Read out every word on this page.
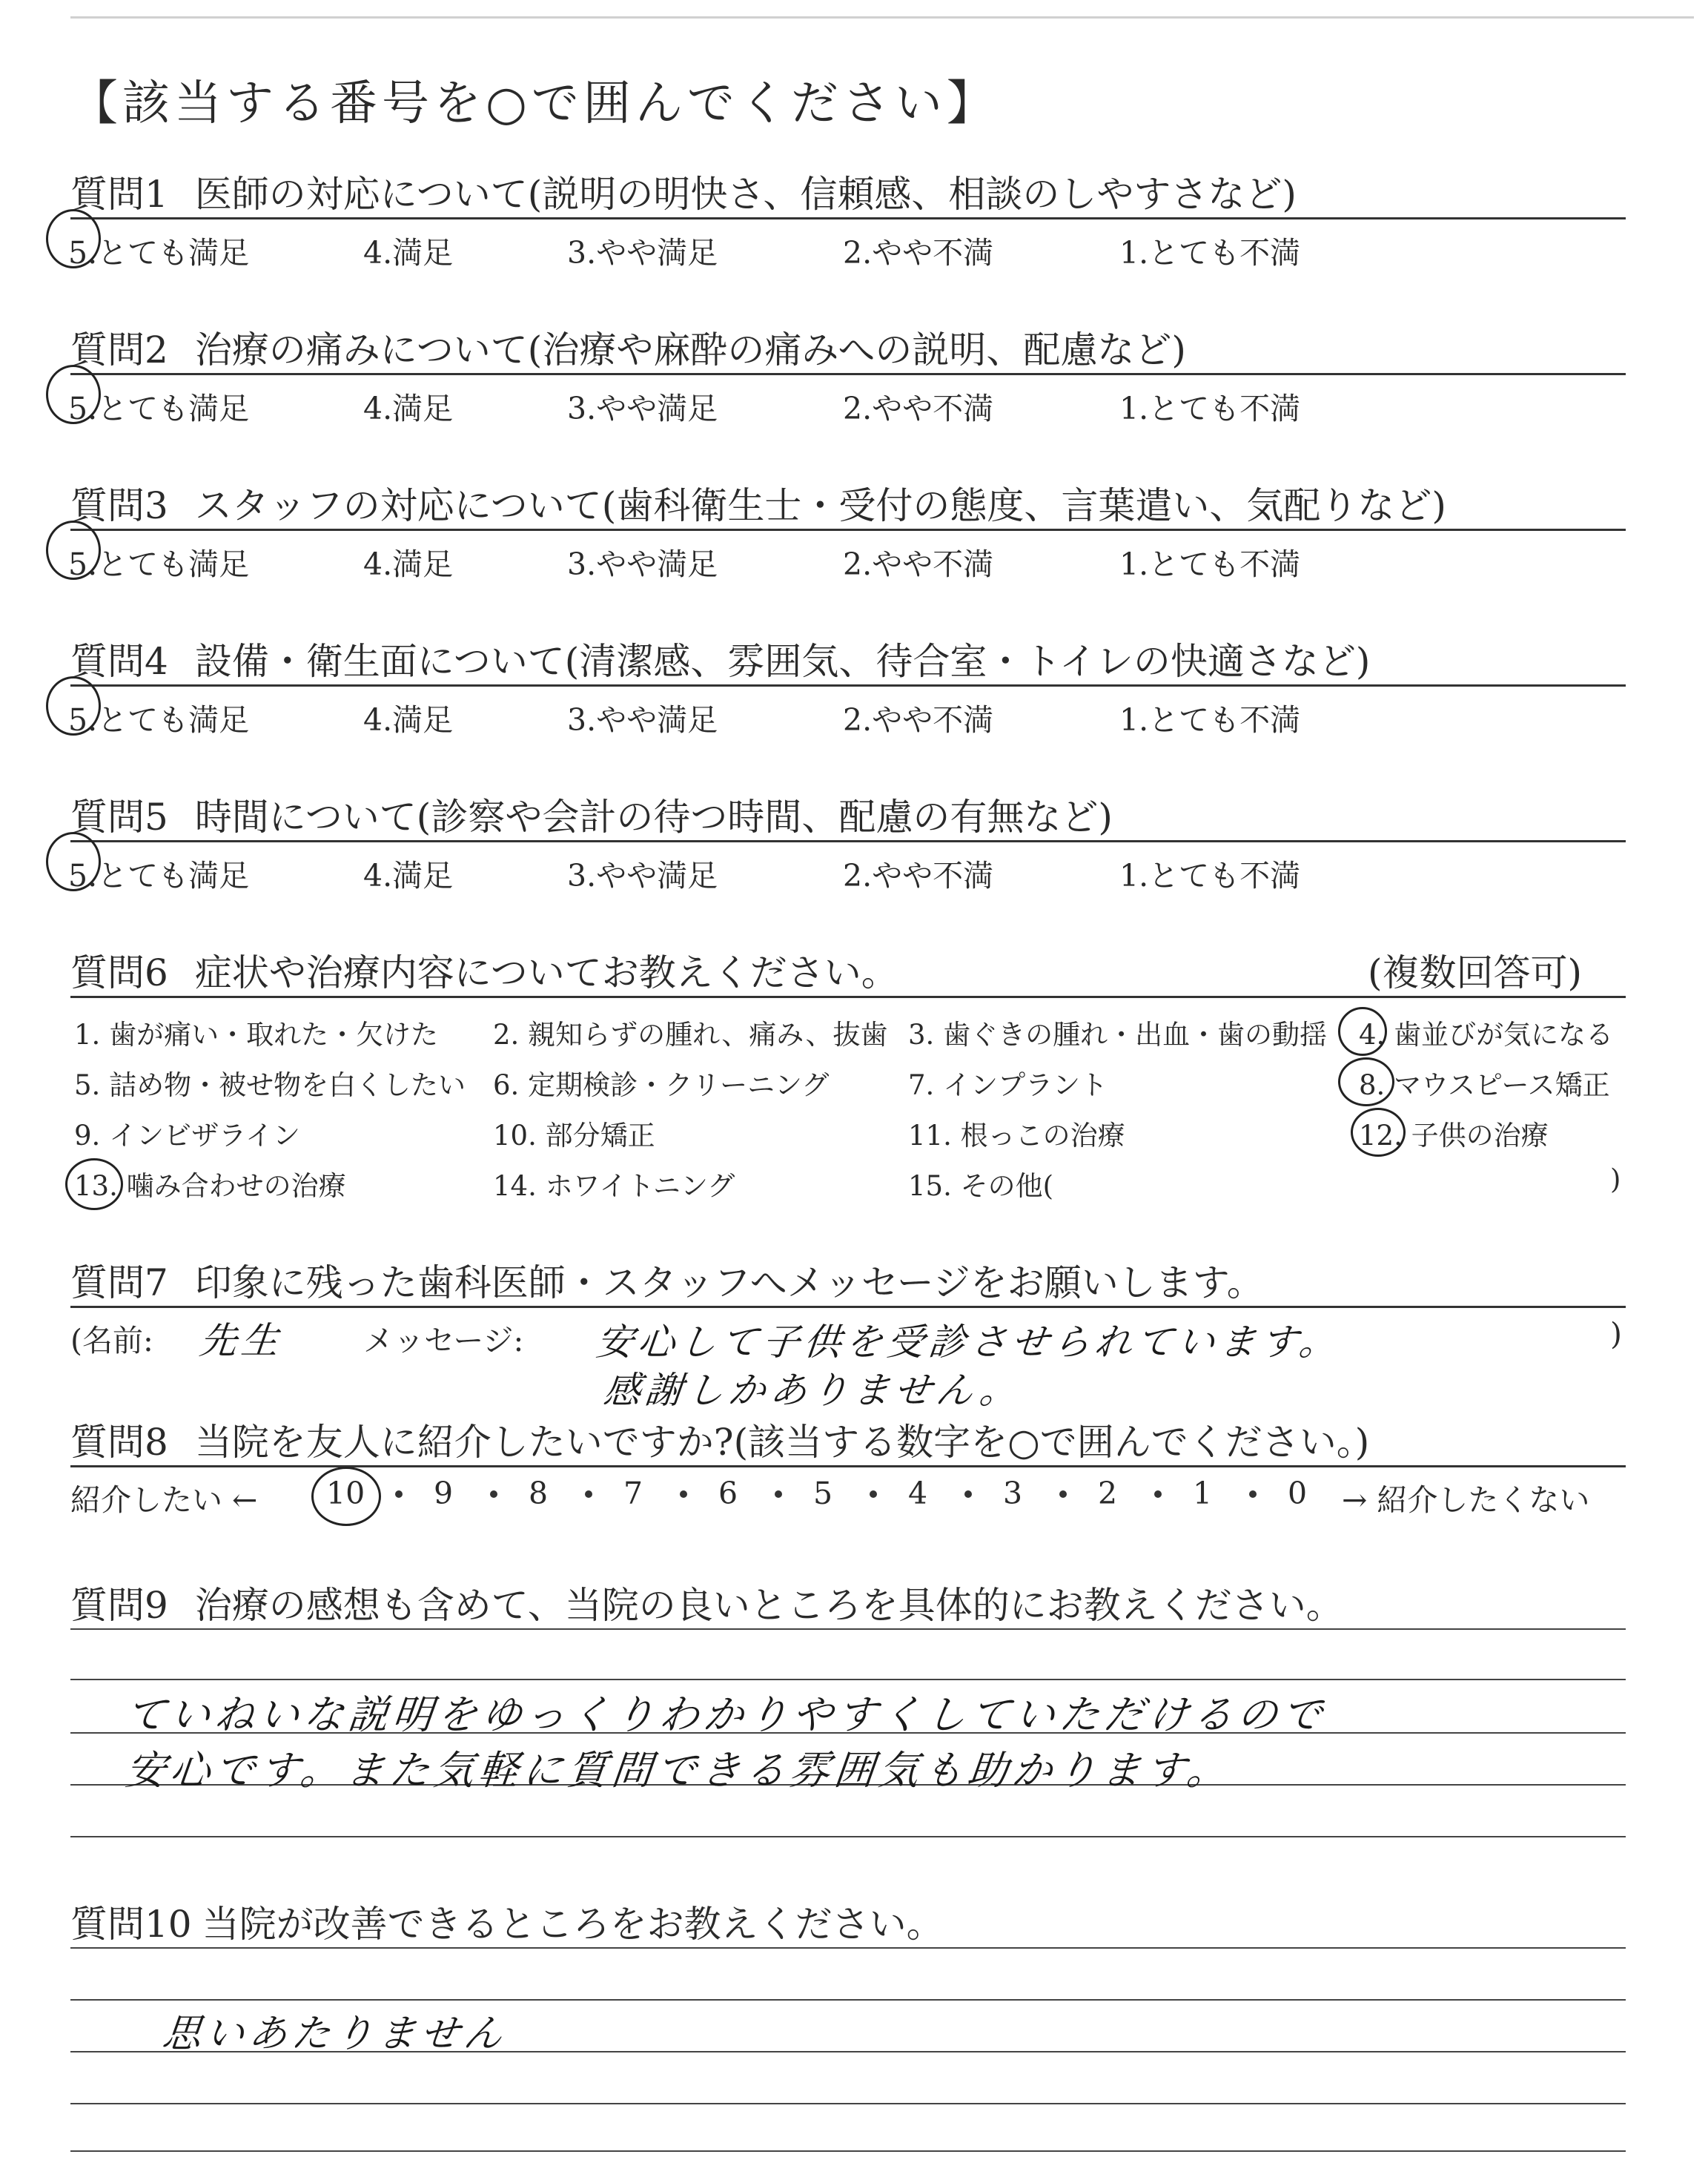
【該当する番号を○で囲んでください】
質問1 医師の対応について(説明の明快さ、信頼感、相談のしやすさなど)
5.とても満足	4.満足	3.やや満足	2.やや不満	1.とても不満
質問2 治療の痛みについて(治療や麻酔の痛みへの説明、配慮など)
5.とても満足	4.満足	3.やや満足	2.やや不満	1.とても不満
質問3 スタッフの対応について(歯科衛生士・受付の態度、言葉遣い、気配りなど)
5.とても満足	4.満足	3.やや満足	2.やや不満	1.とても不満
質問4 設備・衛生面について(清潔感、雰囲気、待合室・トイレの快適さなど)
5.とても満足	4.満足	3.やや満足	2.やや不満	1.とても不満
質問5 時間について(診察や会計の待つ時間、配慮の有無など)
5.とても満足	4.満足	3.やや満足	2.やや不満	1.とても不満
質問6 症状や治療内容についてお教えください。	(複数回答可)
1. 歯が痛い・取れた・欠けた 2. 親知らずの腫れ、痛み、抜歯 3. 歯ぐきの腫れ・出血・歯の動揺 4. 歯並びが気になる
5. 詰め物・被せ物を白くしたい 6. 定期検診・クリーニング	7. インプラント	8. マウスピース矯正
9. インビザライン	10. 部分矯正	11. 根っこの治療	12. 子供の治療
13. 噛み合わせの治療	14. ホワイトニング	15. その他(	)
質問7 印象に残った歯科医師・スタッフへメッセージをお願いします。
(名前: 先生	メッセージ: 安心して子供を受診させられています。
感謝しかありません。
)
質問8 当院を友人に紹介したいですか?(該当する数字を○で囲んでください。)
紹介したい ←	→ 紹介したくない
10 9 8 7 6 5 4 3 2 1 0
質問9 治療の感想も含めて、当院の良いところを具体的にお教えください。
ていねいな説明をゆっくりわかりやすくしていただけるので
安心です。また気軽に質問できる雰囲気も助かります。
質問10 当院が改善できるところをお教えください。
思いあたりません
